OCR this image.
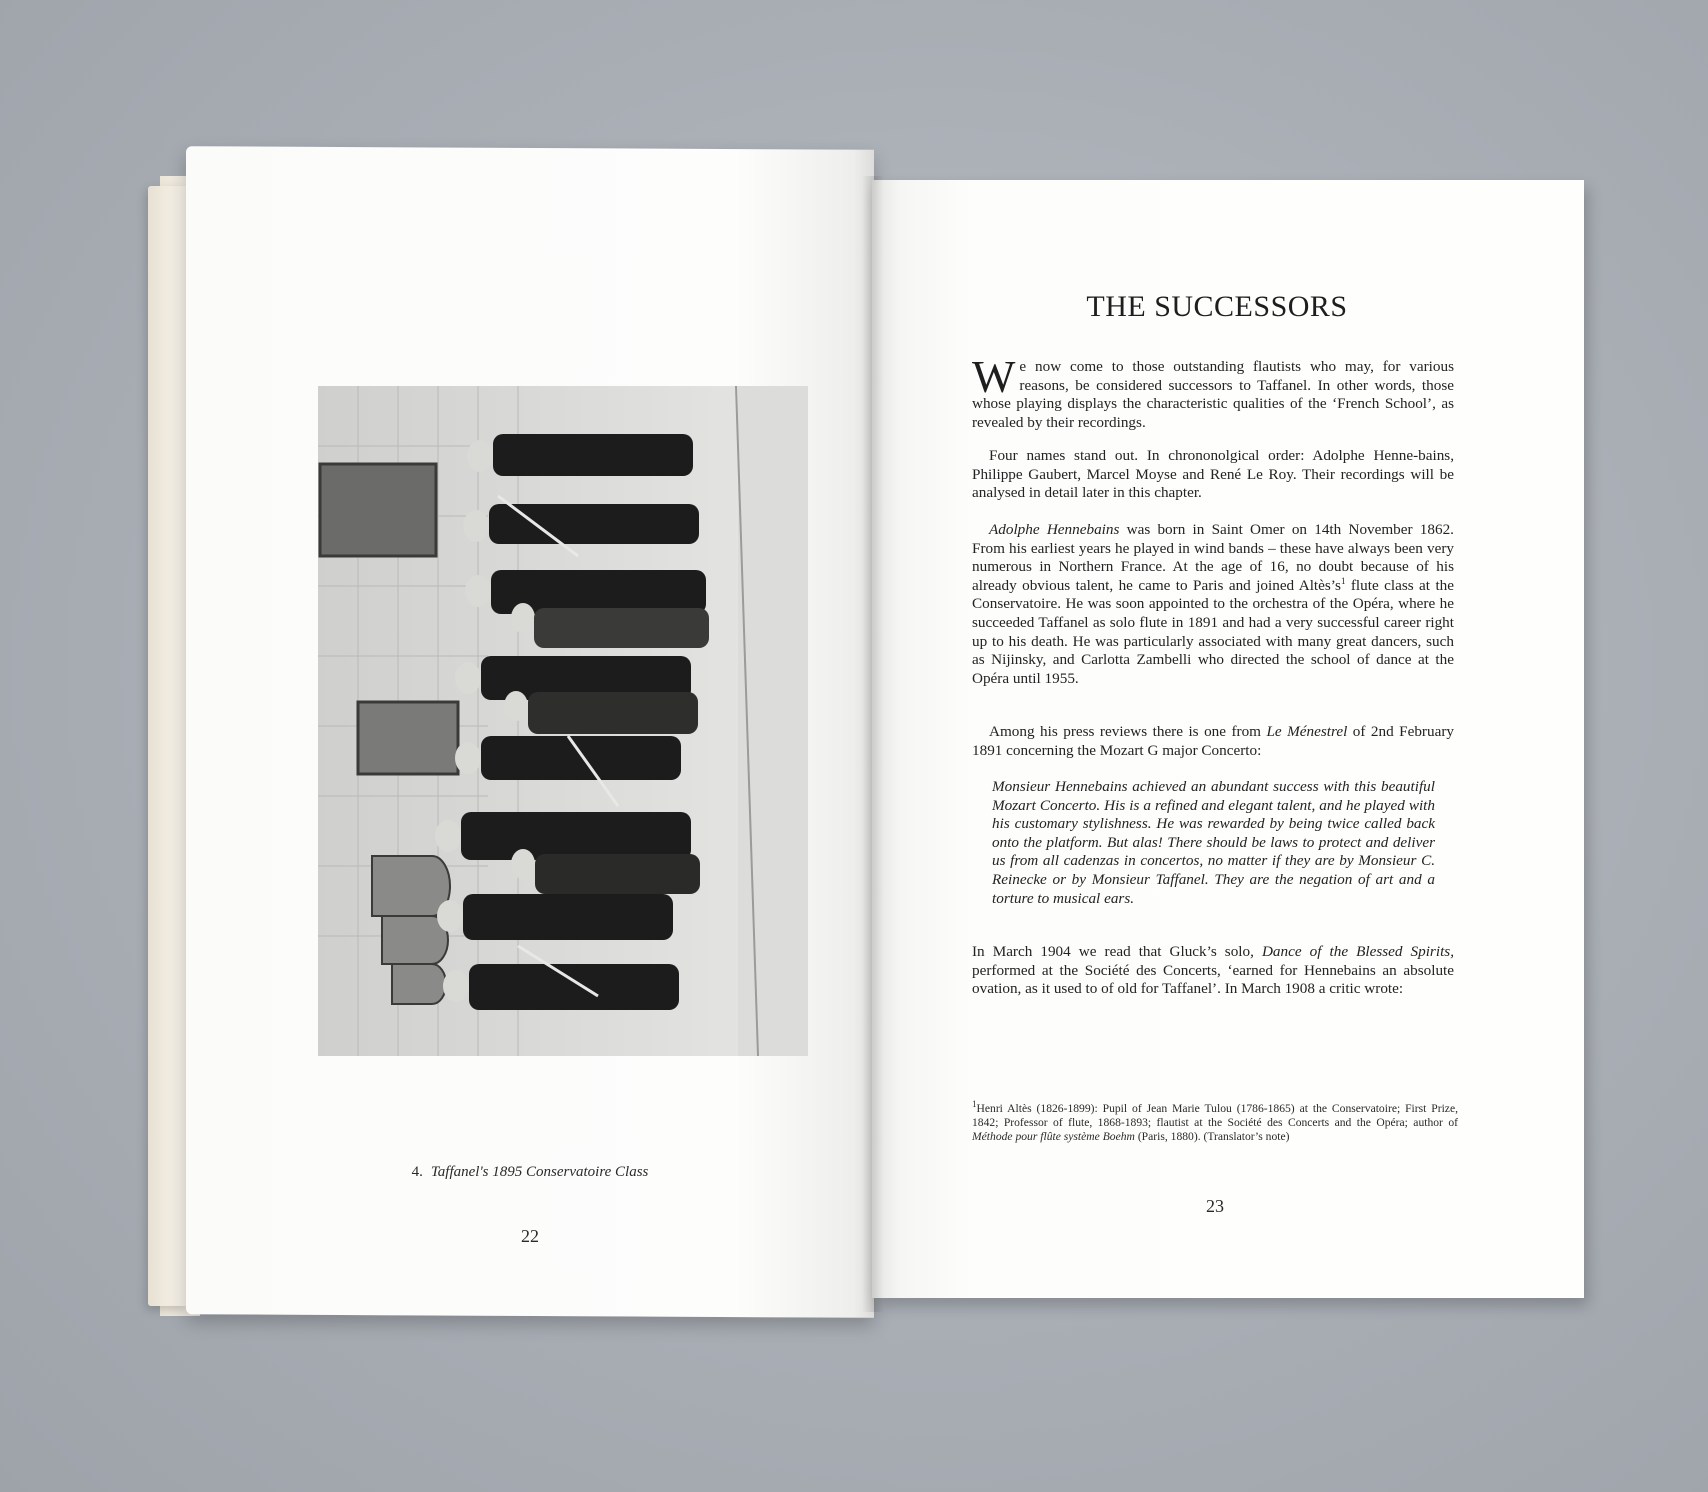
4. Taffanel's 1895 Conservatoire Class
22
THE SUCCESSORS

We now come to those outstanding flautists who may, for various reasons, be considered successors to Taffanel. In other words, those whose playing displays the characteristic qualities of the ‘French School’, as revealed by their recordings.

Four names stand out. In chrononolgical order: Adolphe Henne-bains, Philippe Gaubert, Marcel Moyse and René Le Roy. Their recordings will be analysed in detail later in this chapter.

Adolphe Hennebains was born in Saint Omer on 14th November 1862. From his earliest years he played in wind bands – these have always been very numerous in Northern France. At the age of 16, no doubt because of his already obvious talent, he came to Paris and joined $Altès’s^1$ flute class at the Conservatoire. He was soon appointed to the orchestra of the Opéra, where he succeeded Taffanel as solo flute in 1891 and had a very successful career right up to his death. He was particularly associated with many great dancers, such as Nijinsky, and Carlotta Zambelli who directed the school of dance at the Opéra until 1955.

Among his press reviews there is one from Le Ménestrel of 2nd February 1891 concerning the Mozart G major Concerto:

Monsieur Hennebains achieved an abundant success with this beautiful Mozart Concerto. His is a refined and elegant talent, and he played with his customary stylishness. He was rewarded by being twice called back onto the platform. But alas! There should be laws to protect and deliver us from all cadenzas in concertos, no matter if they are by Monsieur C. Reinecke or by Monsieur Taffanel. They are the negation of art and a torture to musical ears.

In March 1904 we read that Gluck’s solo, Dance of the Blessed Spirits, performed at the Société des Concerts, ‘earned for Hennebains an absolute ovation, as it used to of old for Taffanel’. In March 1908 a critic wrote:

$^1$Henri Altès (1826-1899): Pupil of Jean Marie Tulou (1786-1865) at the Conservatoire; First Prize, 1842; Professor of flute, 1868-1893; flautist at the Société des Concerts and the Opéra; author of Méthode pour flûte système Boehm (Paris, 1880). (Translator’s note)

23
